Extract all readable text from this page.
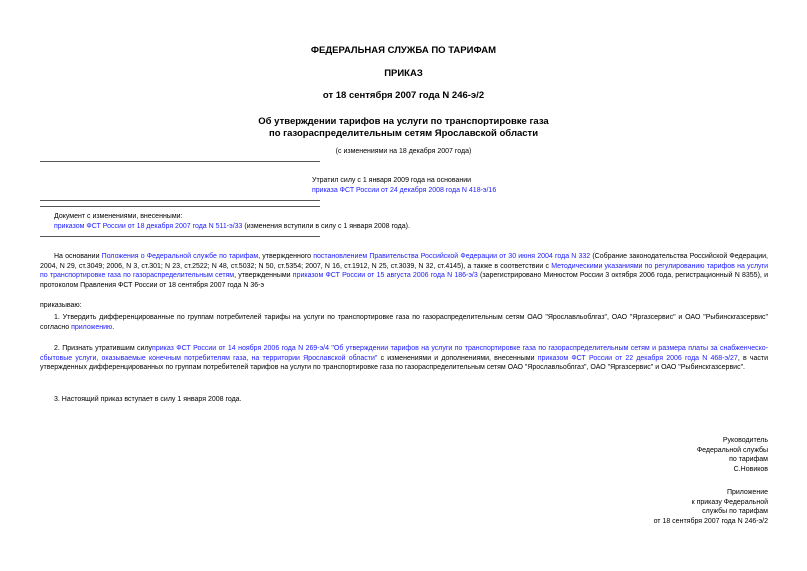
ФЕДЕРАЛЬНАЯ СЛУЖБА ПО ТАРИФАМ
ПРИКАЗ
от 18 сентября 2007 года N 246-э/2
Об утверждении тарифов на услуги по транспортировке газа
по газораспределительным сетям Ярославской области
(с изменениями на 18 декабря 2007 года)
Утратил силу с 1 января 2009 года на основании
приказа ФСТ России от 24 декабря 2008 года N 418-э/16
Документ с изменениями, внесенными:
приказом ФСТ России от 18 декабря 2007 года N 511-э/33 (изменения вступили в силу с 1 января 2008 года).
На основании Положения о Федеральной службе по тарифам, утвержденного постановлением Правительства Российской Федерации от 30 июня 2004 года N 332 (Собрание законодательства Российской Федерации, 2004, N 29, ст.3049; 2006, N 3, ст.301; N 23, ст.2522; N 48, ст.5032; N 50, ст.5354; 2007, N 16, ст.1912, N 25, ст.3039, N 32, ст.4145), а также в соответствии с Методическими указаниями по регулированию тарифов на услуги по транспортировке газа по газораспределительным сетям, утвержденными приказом ФСТ России от 15 августа 2006 года N 186-э/3 (зарегистрировано Минюстом России 3 октября 2006 года, регистрационный N 8355), и протоколом Правления ФСТ России от 18 сентября 2007 года N 36-э
приказываю:
1. Утвердить дифференцированные по группам потребителей тарифы на услуги по транспортировке газа по газораспределительным сетям ОАО "Ярославльоблгаз", ОАО "Яргазсервис" и ОАО "Рыбинскгазсервис" согласно приложению.
2. Признать утратившим силуприказ ФСТ России от 14 ноября 2006 года N 269-э/4 "Об утверждении тарифов на услуги по транспортировке газа по газораспределительным сетям и размера платы за снабженческо-сбытовые услуги, оказываемые конечным потребителям газа, на территории Ярославской области" с изменениями и дополнениями, внесенными приказом ФСТ России от 22 декабря 2006 года N 468-э/27, в части утвержденных дифференцированных по группам потребителей тарифов на услуги по транспортировке газа по газораспределительным сетям ОАО "Ярославльоблгаз", ОАО "Яргазсервис" и ОАО "Рыбинскгазсервис".
3. Настоящий приказ вступает в силу 1 января 2008 года.
Руководитель
Федеральной службы
по тарифам
С.Новиков
Приложение
к приказу Федеральной
службы по тарифам
от 18 сентября 2007 года N 246-э/2
